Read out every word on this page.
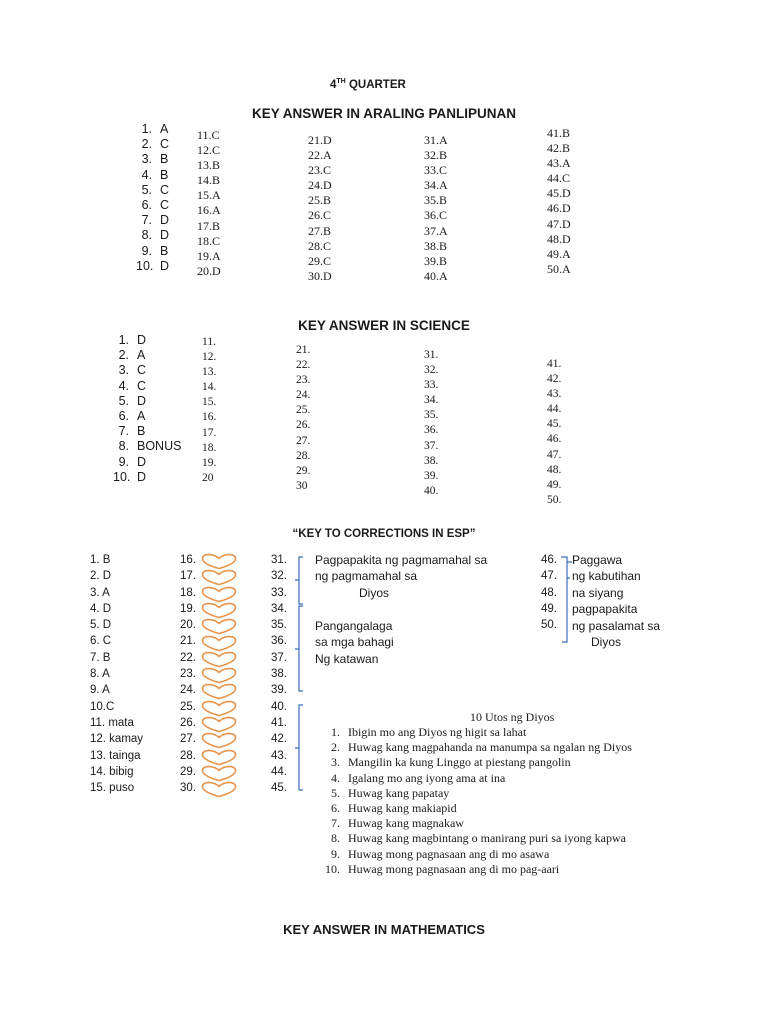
4TH QUARTER
KEY ANSWER IN ARALING PANLIPUNAN
1. A
2. C
3. B
4. B
5. C
6. C
7. D
8. D
9. B
10. D
11.C
12.C
13.B
14.B
15.A
16.A
17.B
18.C
19.A
20.D
21.D
22.A
23.C
24.D
25.B
26.C
27.B
28.C
29.C
30.D
31.A
32.B
33.C
34.A
35.B
36.C
37.A
38.B
39.B
40.A
41.B
42.B
43.A
44.C
45.D
46.D
47.D
48.D
49.A
50.A
KEY ANSWER IN SCIENCE
1. D
2. A
3. C
4. C
5. D
6. A
7. B
8. BONUS
9. D
10. D
11.
12.
13.
14.
15.
16.
17.
18.
19.
20
21.
22.
23.
24.
25.
26.
27.
28.
29.
30
31.
32.
33.
34.
35.
36.
37.
38.
39.
40.
41.
42.
43.
44.
45.
46.
47.
48.
49.
50.
“KEY TO CORRECTIONS IN ESP”
1. B
2. D
3. A
4. D
5. D
6. C
7. B
8. A
9. A
10.C
11. mata
12. kamay
13. tainga
14. bibig
15. puso
16.
17.
18.
19.
20.
21.
22.
23.
24.
25.
26.
27.
28.
29.
30.
31.
32.
33.
34.
35.
36.
37.
38.
39.
40.
41.
42.
43.
44.
45.
Pagpapakita ng pagmamahal sa
ng pagmamahal sa
Diyos
Pangangalaga
sa mga bahagi
Ng katawan
46.
47.
48.
49.
50.
Paggawa
ng kabutihan
na siyang
pagpapakita
ng pasalamat sa
Diyos
10 Utos ng Diyos
1. Ibigin mo ang Diyos ng higit sa lahat
2. Huwag kang magpahanda na manumpa sa ngalan ng Diyos
3. Mangilin ka kung Linggo at piestang pangolin
4. Igalang mo ang iyong ama at ina
5. Huwag kang papatay
6. Huwag kang makiapid
7. Huwag kang magnakaw
8. Huwag kang magbintang o manirang puri sa iyong kapwa
9. Huwag mong pagnasaan ang di mo asawa
10. Huwag mong pagnasaan ang di mo pag-aari
KEY ANSWER IN MATHEMATICS
